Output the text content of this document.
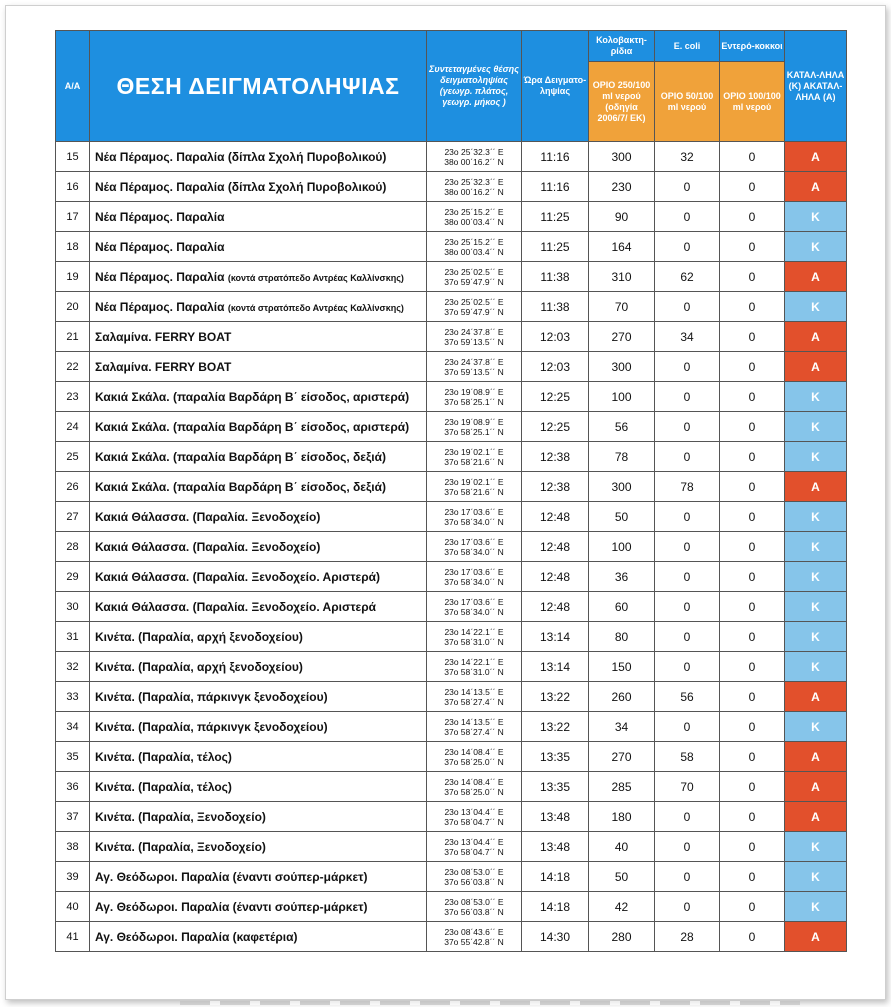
Α/Α	ΘΕΣΗ ΔΕΙΓΜΑΤΟΛΗΨΙΑΣ	Συντεταγμένες θέσης δειγματοληψίας (γεωγρ. πλάτος, γεωγρ. μήκος )	Ώρα Δειγματο-ληψίας	Κολοβακτη-ρίδια	E. coli	Εντερό-κοκκοι	ΚΑΤΑΛ-ΛΗΛΑ (Κ) ΑΚΑΤΑΛ-ΛΗΛΑ (Α)
				ΟΡΙΟ 250/100 ml νερού (οδηγία 2006/7/ ΕΚ)	ΟΡΙΟ 50/100 ml νερού	ΟΡΙΟ 100/100 ml νερού	
15	Νέα Πέραμος. Παραλία (δίπλα Σχολή Πυροβολικού)	23ο 25΄32.3΄΄ Ε
38ο 00΄16.2΄΄ Ν	11:16	300	32	0	Α
16	Νέα Πέραμος. Παραλία (δίπλα Σχολή Πυροβολικού)	23ο 25΄32.3΄΄ Ε
38ο 00΄16.2΄΄ Ν	11:16	230	0	0	Α
17	Νέα Πέραμος. Παραλία	23ο 25΄15.2΄΄ Ε
38ο 00΄03.4΄΄ Ν	11:25	90	0	0	Κ
18	Νέα Πέραμος. Παραλία	23ο 25΄15.2΄΄ Ε
38ο 00΄03.4΄΄ Ν	11:25	164	0	0	Κ
19	Νέα Πέραμος. Παραλία (κοντά στρατόπεδο Αντρέας Καλλίνσκης)	23ο 25΄02.5΄΄ Ε
37ο 59΄47.9΄΄ Ν	11:38	310	62	0	Α
20	Νέα Πέραμος. Παραλία (κοντά στρατόπεδο Αντρέας Καλλίνσκης)	23ο 25΄02.5΄΄ Ε
37ο 59΄47.9΄΄ Ν	11:38	70	0	0	Κ
21	Σαλαμίνα. FERRY BOAT	23ο 24΄37.8΄΄ Ε
37ο 59΄13.5΄΄ Ν	12:03	270	34	0	Α
22	Σαλαμίνα. FERRY BOAT	23ο 24΄37.8΄΄ Ε
37ο 59΄13.5΄΄ Ν	12:03	300	0	0	Α
23	Κακιά Σκάλα. (παραλία Βαρδάρη Β΄ είσοδος, αριστερά)	23ο 19΄08.9΄΄ Ε
37ο 58΄25.1΄΄ Ν	12:25	100	0	0	Κ
24	Κακιά Σκάλα. (παραλία Βαρδάρη Β΄ είσοδος, αριστερά)	23ο 19΄08.9΄΄ Ε
37ο 58΄25.1΄΄ Ν	12:25	56	0	0	Κ
25	Κακιά Σκάλα. (παραλία Βαρδάρη Β΄ είσοδος, δεξιά)	23ο 19΄02.1΄΄ Ε
37ο 58΄21.6΄΄ Ν	12:38	78	0	0	Κ
26	Κακιά Σκάλα. (παραλία Βαρδάρη Β΄ είσοδος, δεξιά)	23ο 19΄02.1΄΄ Ε
37ο 58΄21.6΄΄ Ν	12:38	300	78	0	Α
27	Κακιά Θάλασσα. (Παραλία. Ξενοδοχείο)	23ο 17΄03.6΄΄ Ε
37ο 58΄34.0΄΄ Ν	12:48	50	0	0	Κ
28	Κακιά Θάλασσα. (Παραλία. Ξενοδοχείο)	23ο 17΄03.6΄΄ Ε
37ο 58΄34.0΄΄ Ν	12:48	100	0	0	Κ
29	Κακιά Θάλασσα. (Παραλία. Ξενοδοχείο. Αριστερά)	23ο 17΄03.6΄΄ Ε
37ο 58΄34.0΄΄ Ν	12:48	36	0	0	Κ
30	Κακιά Θάλασσα. (Παραλία. Ξενοδοχείο. Αριστερά	23ο 17΄03.6΄΄ Ε
37ο 58΄34.0΄΄ Ν	12:48	60	0	0	Κ
31	Κινέτα. (Παραλία, αρχή ξενοδοχείου)	23ο 14΄22.1΄΄ Ε
37ο 58΄31.0΄΄ Ν	13:14	80	0	0	Κ
32	Κινέτα. (Παραλία, αρχή ξενοδοχείου)	23ο 14΄22.1΄΄ Ε
37ο 58΄31.0΄΄ Ν	13:14	150	0	0	Κ
33	Κινέτα. (Παραλία, πάρκινγκ ξενοδοχείου)	23ο 14΄13.5΄΄ Ε
37ο 58΄27.4΄΄ Ν	13:22	260	56	0	Α
34	Κινέτα. (Παραλία, πάρκινγκ ξενοδοχείου)	23ο 14΄13.5΄΄ Ε
37ο 58΄27.4΄΄ Ν	13:22	34	0	0	Κ
35	Κινέτα. (Παραλία, τέλος)	23ο 14΄08.4΄΄ Ε
37ο 58΄25.0΄΄ Ν	13:35	270	58	0	Α
36	Κινέτα. (Παραλία, τέλος)	23ο 14΄08.4΄΄ Ε
37ο 58΄25.0΄΄ Ν	13:35	285	70	0	Α
37	Κινέτα. (Παραλία, Ξενοδοχείο)	23ο 13΄04.4΄΄ Ε
37ο 58΄04.7΄΄ Ν	13:48	180	0	0	Α
38	Κινέτα. (Παραλία, Ξενοδοχείο)	23ο 13΄04.4΄΄ Ε
37ο 58΄04.7΄΄ Ν	13:48	40	0	0	Κ
39	Αγ. Θεόδωροι. Παραλία (έναντι σούπερ-μάρκετ)	23ο 08΄53.0΄΄ Ε
37ο 56΄03.8΄΄ Ν	14:18	50	0	0	Κ
40	Αγ. Θεόδωροι. Παραλία (έναντι σούπερ-μάρκετ)	23ο 08΄53.0΄΄ Ε
37ο 56΄03.8΄΄ Ν	14:18	42	0	0	Κ
41	Αγ. Θεόδωροι. Παραλία (καφετέρια)	23ο 08΄43.6΄΄ Ε
37ο 55΄42.8΄΄ Ν	14:30	280	28	0	Α
